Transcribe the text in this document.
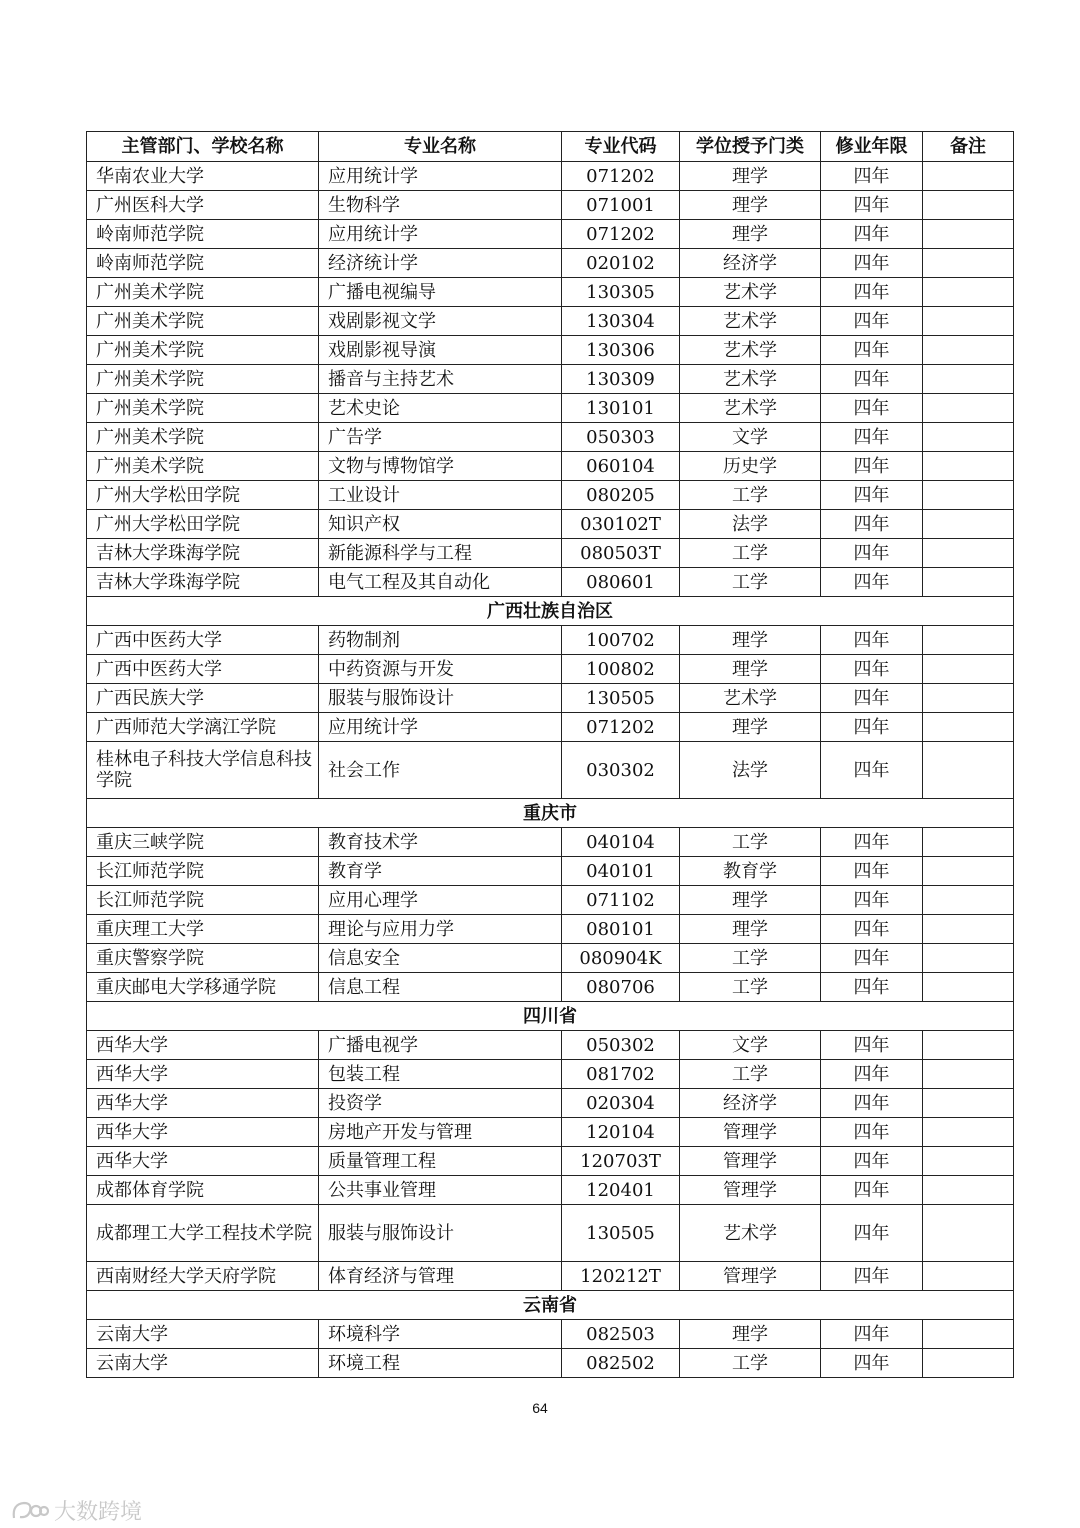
主管部门、学校名称	专业名称	专业代码	学位授予门类	修业年限	备注
华南农业大学	应用统计学	071202	理学	四年	
广州医科大学	生物科学	071001	理学	四年	
岭南师范学院	应用统计学	071202	理学	四年	
岭南师范学院	经济统计学	020102	经济学	四年	
广州美术学院	广播电视编导	130305	艺术学	四年	
广州美术学院	戏剧影视文学	130304	艺术学	四年	
广州美术学院	戏剧影视导演	130306	艺术学	四年	
广州美术学院	播音与主持艺术	130309	艺术学	四年	
广州美术学院	艺术史论	130101	艺术学	四年	
广州美术学院	广告学	050303	文学	四年	
广州美术学院	文物与博物馆学	060104	历史学	四年	
广州大学松田学院	工业设计	080205	工学	四年	
广州大学松田学院	知识产权	030102T	法学	四年	
吉林大学珠海学院	新能源科学与工程	080503T	工学	四年	
吉林大学珠海学院	电气工程及其自动化	080601	工学	四年	
广西壮族自治区					
广西中医药大学	药物制剂	100702	理学	四年	
广西中医药大学	中药资源与开发	100802	理学	四年	
广西民族大学	服装与服饰设计	130505	艺术学	四年	
广西师范大学漓江学院	应用统计学	071202	理学	四年	
桂林电子科技大学信息科技学院	社会工作	030302	法学	四年	
重庆市					
重庆三峡学院	教育技术学	040104	工学	四年	
长江师范学院	教育学	040101	教育学	四年	
长江师范学院	应用心理学	071102	理学	四年	
重庆理工大学	理论与应用力学	080101	理学	四年	
重庆警察学院	信息安全	080904K	工学	四年	
重庆邮电大学移通学院	信息工程	080706	工学	四年	
四川省					
西华大学	广播电视学	050302	文学	四年	
西华大学	包装工程	081702	工学	四年	
西华大学	投资学	020304	经济学	四年	
西华大学	房地产开发与管理	120104	管理学	四年	
西华大学	质量管理工程	120703T	管理学	四年	
成都体育学院	公共事业管理	120401	管理学	四年	
成都理工大学工程技术学院	服装与服饰设计	130505	艺术学	四年	
西南财经大学天府学院	体育经济与管理	120212T	管理学	四年	
云南省					
云南大学	环境科学	082503	理学	四年	
云南大学	环境工程	082502	工学	四年	
64
大数跨境
